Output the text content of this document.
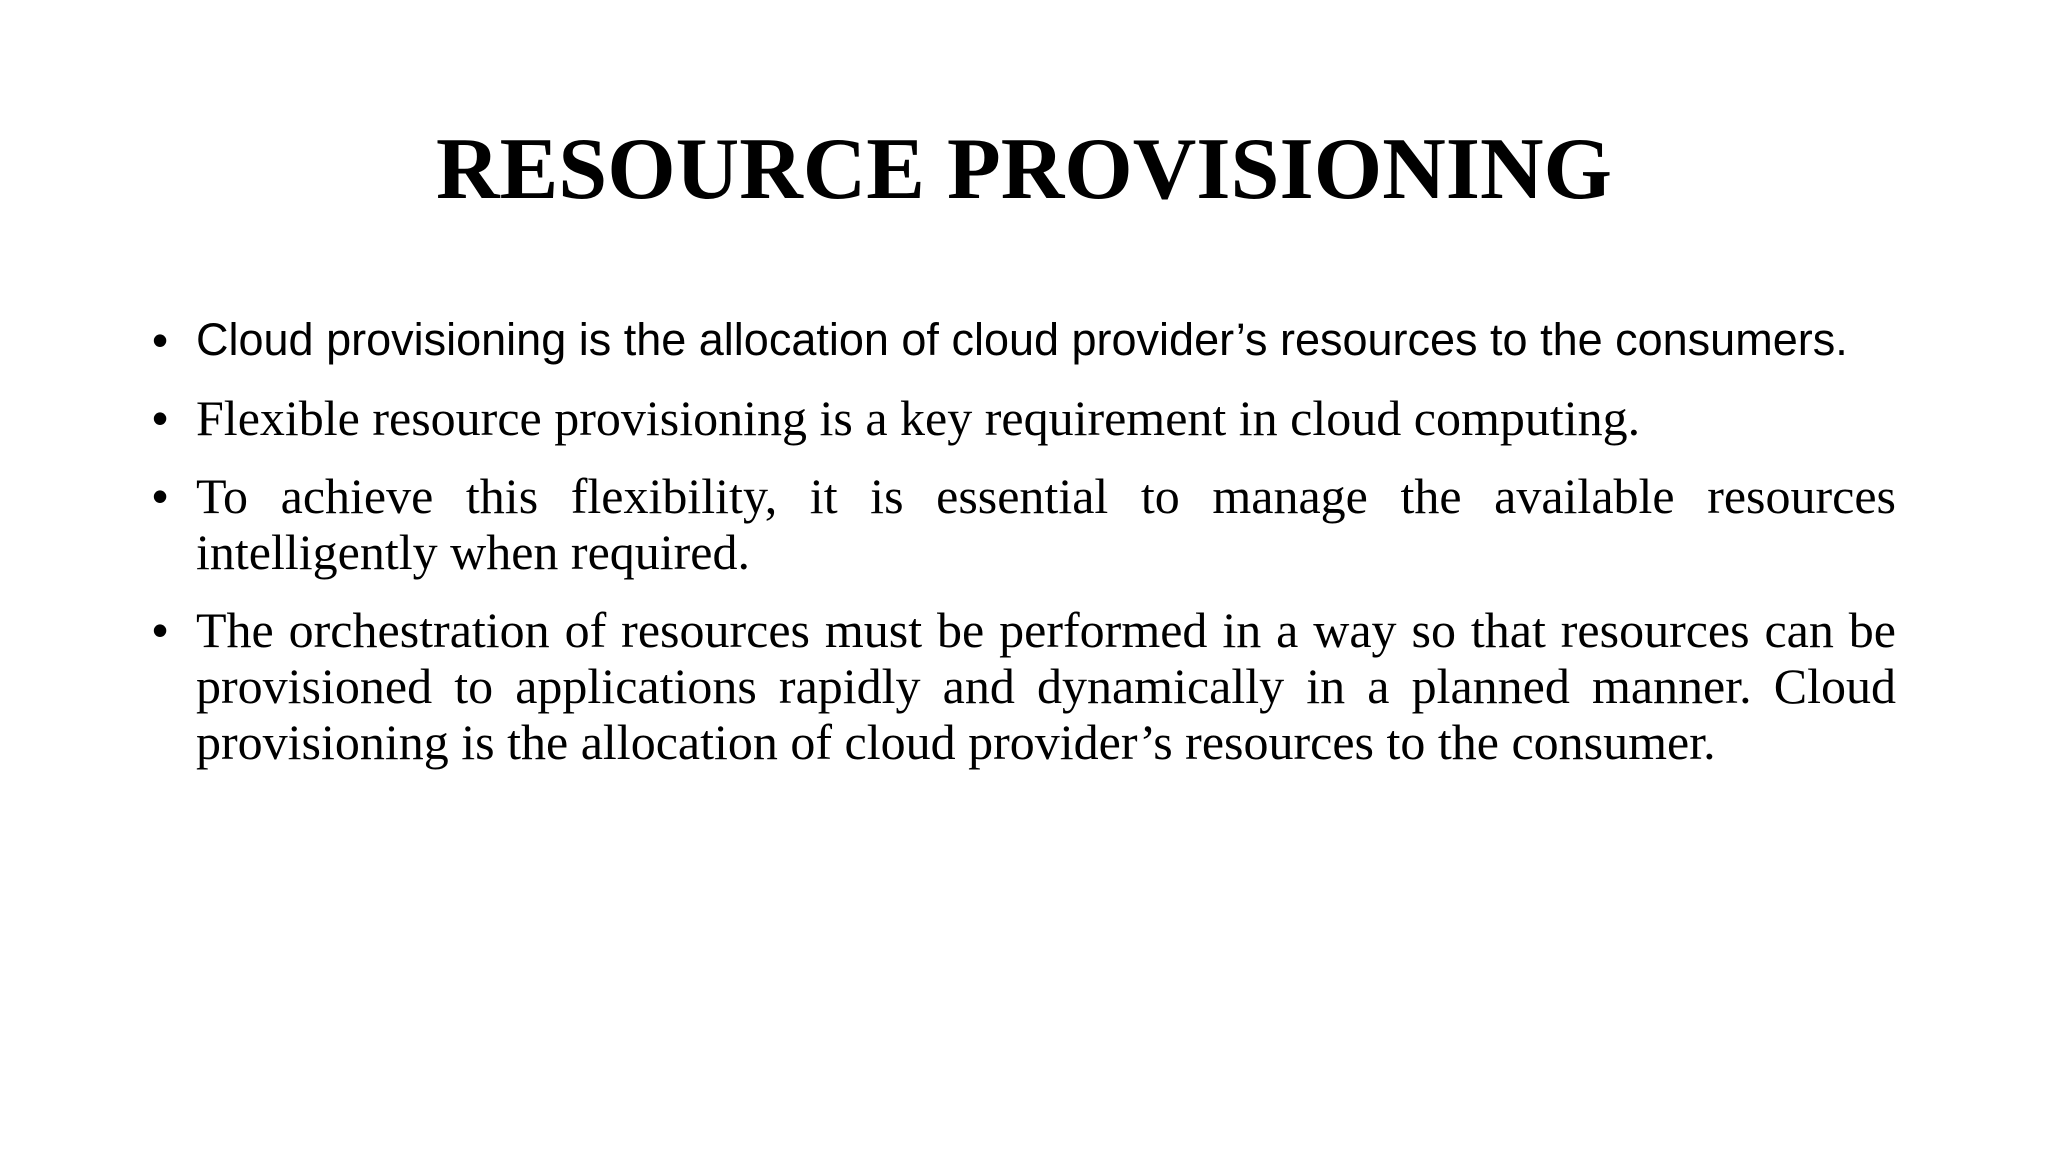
RESOURCE PROVISIONING
• Cloud provisioning is the allocation of cloud provider’s resources to the consumers.
• Flexible resource provisioning is a key requirement in cloud computing.
• To achieve this flexibility, it is essential to manage the available resources intelligently when required.
• The orchestration of resources must be performed in a way so that resources can be provisioned to applications rapidly and dynamically in a planned manner. Cloud provisioning is the allocation of cloud provider’s resources to the consumer.
